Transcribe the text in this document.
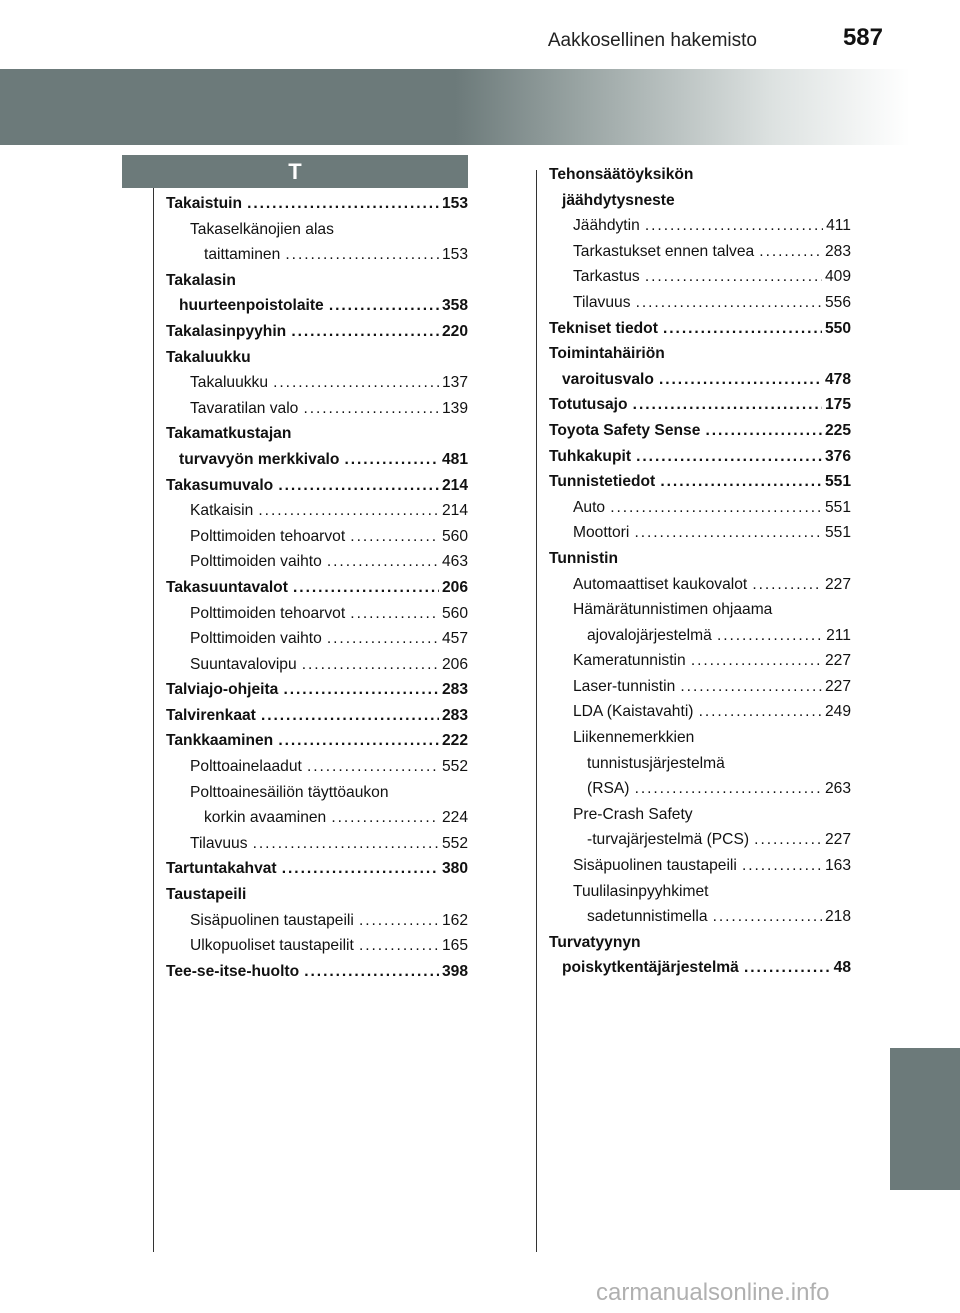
Aakkosellinen hakemisto	587
T
Takaistuin	153
. . .
Takaselkänojien alas
taittaminen	153
. . .
Takalasin
huurteenpoistolaite	358
. . .
Takalasinpyyhin	220
. . .
Takaluukku
Takaluukku	137
. . .
Tavaratilan valo	139
. . .
Takamatkustajan
turvavyön merkkivalo	481
. . .
Takasumuvalo	214
. . .
Katkaisin	214
. . .
Polttimoiden tehoarvot	560
. . .
Polttimoiden vaihto	463
. . .
Takasuuntavalot	206
. . .
Polttimoiden tehoarvot	560
. . .
Polttimoiden vaihto	457
. . .
Suuntavalovipu	206
. . .
Talviajo-ohjeita	283
. . .
Talvirenkaat	283
. . .
Tankkaaminen	222
. . .
Polttoainelaadut	552
. . .
Polttoainesäiliön täyttöaukon
korkin avaaminen	224
. . .
Tilavuus	552
. . .
Tartuntakahvat	380
. . .
Taustapeili
Sisäpuolinen taustapeili	162
. . .
Ulkopuoliset taustapeilit	165
. . .
Tee-se-itse-huolto	398
. . .
Tehonsäätöyksikön
jäähdytysneste
Jäähdytin	411
. . .
Tarkastukset ennen talvea	283
. . .
Tarkastus	409
. . .
Tilavuus	556
. . .
Tekniset tiedot	550
. . .
Toimintahäiriön
varoitusvalo	478
. . .
Totutusajo	175
. . .
Toyota Safety Sense	225
. . .
Tuhkakupit	376
. . .
Tunnistetiedot	551
. . .
Auto	551
. . .
Moottori	551
. . .
Tunnistin
Automaattiset kaukovalot	227
. . .
Hämärätunnistimen ohjaama
ajovalojärjestelmä	211
. . .
Kameratunnistin	227
. . .
Laser-tunnistin	227
. . .
LDA (Kaistavahti)	249
. . .
Liikennemerkkien
tunnistusjärjestelmä
(RSA)	263
. . .
Pre-Crash Safety
-turvajärjestelmä (PCS)	227
. . .
Sisäpuolinen taustapeili	163
. . .
Tuulilasinpyyhkimet
sadetunnistimella	218
. . .
Turvatyynyn
poiskytkentäjärjestelmä	48
. . .
carmanualsonline.info
